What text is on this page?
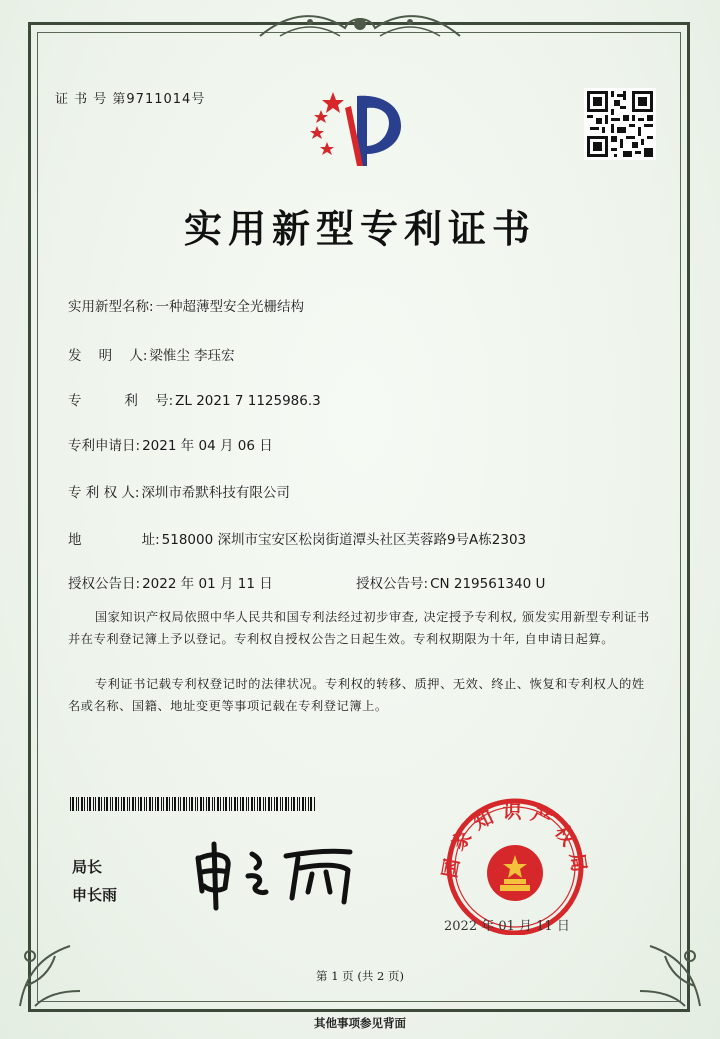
证 书 号 第9711014号
实用新型专利证书
实用新型名称: 一种超薄型安全光栅结构
发    明    人: 梁惟尘 李珏宏
专          利    号: ZL 2021 7 1125986.3
专利申请日: 2021 年 04 月 06 日
专 利 权 人: 深圳市希默科技有限公司
地              址: 518000 深圳市宝安区松岗街道潭头社区芙蓉路9号A栋2303
授权公告日: 2022 年 01 月 11 日	授权公告号: CN 219561340 U
国家知识产权局依照中华人民共和国专利法经过初步审查, 决定授予专利权, 颁发实用新型专利证书并在专利登记簿上予以登记。专利权自授权公告之日起生效。专利权期限为十年, 自申请日起算。
专利证书记载专利权登记时的法律状况。专利权的转移、质押、无效、终止、恢复和专利权人的姓名或名称、国籍、地址变更等事项记载在专利登记簿上。
局长
申长雨
国家知识产权局
2022 年 01 月 11 日
第 1 页 (共 2 页)
其他事项参见背面
